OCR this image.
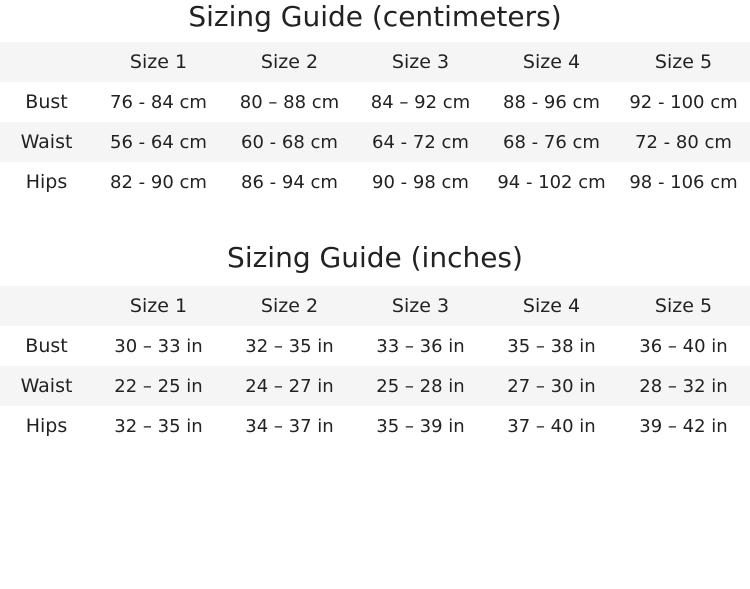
Sizing Guide (centimeters)
	Size 1	Size 2	Size 3	Size 4	Size 5
Bust	76 - 84 cm	80 – 88 cm	84 – 92 cm	88 - 96 cm	92 - 100 cm
Waist	56 - 64 cm	60 - 68 cm	64 - 72 cm	68 - 76 cm	72 - 80 cm
Hips	82 - 90 cm	86 - 94 cm	90 - 98 cm	94 - 102 cm	98 - 106 cm
Sizing Guide (inches)
	Size 1	Size 2	Size 3	Size 4	Size 5
Bust	30 – 33 in	32 – 35 in	33 – 36 in	35 – 38 in	36 – 40 in
Waist	22 – 25 in	24 – 27 in	25 – 28 in	27 – 30 in	28 – 32 in
Hips	32 – 35 in	34 – 37 in	35 – 39 in	37 – 40 in	39 – 42 in
